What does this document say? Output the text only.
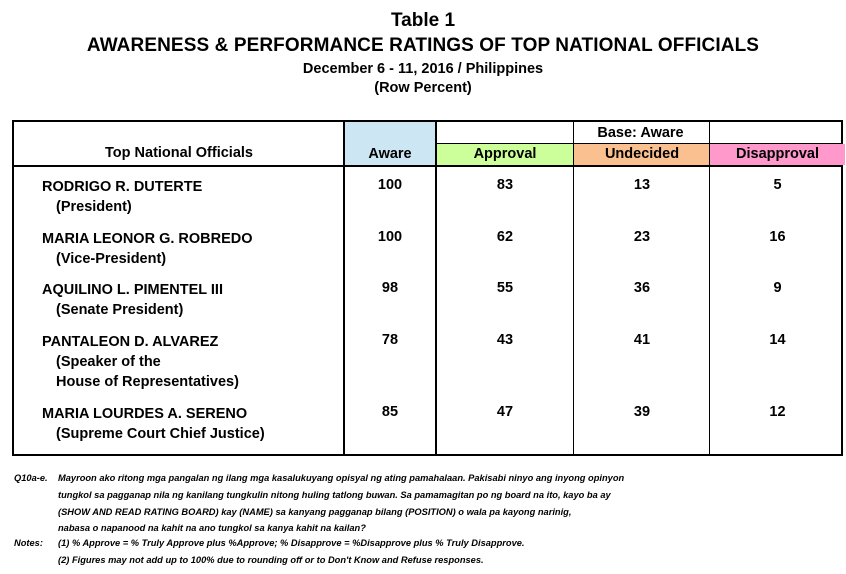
Table 1
AWARENESS & PERFORMANCE RATINGS OF TOP NATIONAL OFFICIALS
December 6 - 11, 2016 / Philippines
(Row Percent)
Approval	Undecided	Disapproval
Base: Aware
Top National Officials	Aware
RODRIGO R. DUTERTE
(President)
100	83	13	5
MARIA LEONOR G. ROBREDO
(Vice-President)
100	62	23	16
AQUILINO L. PIMENTEL III
(Senate President)
98	55	36	9
PANTALEON D. ALVAREZ
(Speaker of the
House of Representatives)
78	43	41	14
MARIA LOURDES A. SERENO
(Supreme Court Chief Justice)
85	47	39	12
Q10a-e. Mayroon ako ritong mga pangalan ng ilang mga kasalukuyang opisyal ng ating pamahalaan. Pakisabi ninyo ang inyong opinyon
tungkol sa pagganap nila ng kanilang tungkulin nitong huling tatlong buwan. Sa pamamagitan po ng board na ito, kayo ba ay
(SHOW AND READ RATING BOARD) kay (NAME) sa kanyang pagganap bilang (POSITION) o wala pa kayong narinig,
nabasa o napanood na kahit na ano tungkol sa kanya kahit na kailan?
Notes: (1) % Approve = % Truly Approve plus %Approve; % Disapprove = %Disapprove plus % Truly Disapprove.
(2) Figures may not add up to 100% due to rounding off or to Don't Know and Refuse responses.
